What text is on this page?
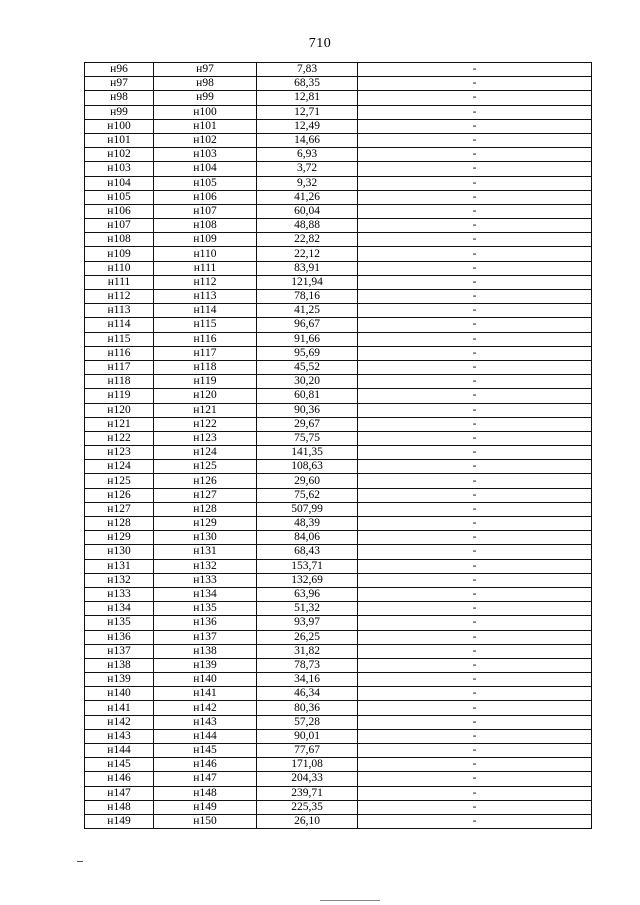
710
н96	н97	7,83	-
н97	н98	68,35	-
н98	н99	12,81	-
н99	н100	12,71	-
н100	н101	12,49	-
н101	н102	14,66	-
н102	н103	6,93	-
н103	н104	3,72	-
н104	н105	9,32	-
н105	н106	41,26	-
н106	н107	60,04	-
н107	н108	48,88	-
н108	н109	22,82	-
н109	н110	22,12	-
н110	н111	83,91	-
н111	н112	121,94	-
н112	н113	78,16	-
н113	н114	41,25	-
н114	н115	96,67	-
н115	н116	91,66	-
н116	н117	95,69	-
н117	н118	45,52	-
н118	н119	30,20	-
н119	н120	60,81	-
н120	н121	90,36	-
н121	н122	29,67	-
н122	н123	75,75	-
н123	н124	141,35	-
н124	н125	108,63	-
н125	н126	29,60	-
н126	н127	75,62	-
н127	н128	507,99	-
н128	н129	48,39	-
н129	н130	84,06	-
н130	н131	68,43	-
н131	н132	153,71	-
н132	н133	132,69	-
н133	н134	63,96	-
н134	н135	51,32	-
н135	н136	93,97	-
н136	н137	26,25	-
н137	н138	31,82	-
н138	н139	78,73	-
н139	н140	34,16	-
н140	н141	46,34	-
н141	н142	80,36	-
н142	н143	57,28	-
н143	н144	90,01	-
н144	н145	77,67	-
н145	н146	171,08	-
н146	н147	204,33	-
н147	н148	239,71	-
н148	н149	225,35	-
н149	н150	26,10	-
